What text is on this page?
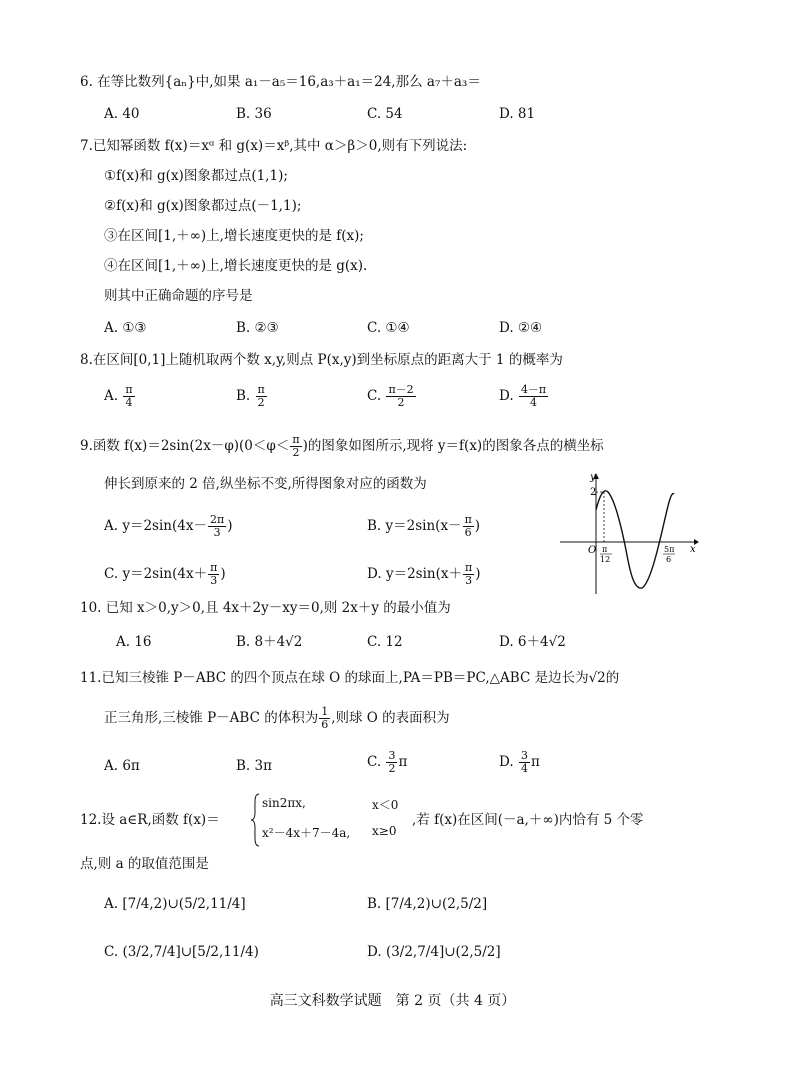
6. 在等比数列{aₙ}中,如果 a₁－a₅＝16,a₃＋a₁＝24,那么 a₇＋a₃＝
A. 40	B. 36	C. 54	D. 81
7.已知幂函数 f(x)＝xᵅ 和 g(x)＝xᵝ,其中 α＞β＞0,则有下列说法:
①f(x)和 g(x)图象都过点(1,1);
②f(x)和 g(x)图象都过点(－1,1);
③在区间[1,＋∞)上,增长速度更快的是 f(x);
④在区间[1,＋∞)上,增长速度更快的是 g(x).
则其中正确命题的序号是
A. ①③	B. ②③	C. ①④	D. ②④
8.在区间[0,1]上随机取两个数 x,y,则点 P(x,y)到坐标原点的距离大于 1 的概率为
A. $\frac{\pi}{4}$	B. $\frac{\pi}{2}$	C. $\frac{\pi-2}{2}$	D. $\frac{4-\pi}{4}$
9.函数 $f(x)=2\sin(2x-\varphi)(0<\varphi< \frac{\pi}{2}$ )的图象如图所示,现将 y＝f(x)的图象各点的横坐标
伸长到原来的 2 倍,纵坐标不变,所得图象对应的函数为
A. $y=2\sin(4x- \frac{2\pi}{3}$ )	B. $y=2\sin(x- \frac{\pi}{6}$ )
C. $y=2\sin(4x+ \frac{\pi}{3}$ )	D. $y=2\sin(x+ \frac{\pi}{3}$ )
y
x
O
2
π
12
5π
6
10. 已知 x＞0,y＞0,且 4x＋2y－xy＝0,则 2x＋y 的最小值为
A. 16	B. 8＋4√2	C. 12	D. 6＋4√2
11.已知三棱锥 P－ABC 的四个顶点在球 O 的球面上,PA＝PB＝PC,△ABC 是边长为√2的
正三角形,三棱锥 P－ABC 的体积为 $\frac{1}{6}$ ,则球 O 的表面积为
A. 6π	B. 3π	C. $\frac{3}{2}$ π	D. $\frac{3}{4}$ π
12.设 a∈R,函数 f(x)＝
sin2πx,	x＜0
x²－4x＋7－4a, x≥0
,若 f(x)在区间(－a,＋∞)内恰有 5 个零
点,则 a 的取值范围是
A. [7/4,2)∪(5/2,11/4]	B. [7/4,2)∪(2,5/2]
C. (3/2,7/4]∪[5/2,11/4)	D. (3/2,7/4]∪(2,5/2]
高三文科数学试题　第 2 页（共 4 页）
